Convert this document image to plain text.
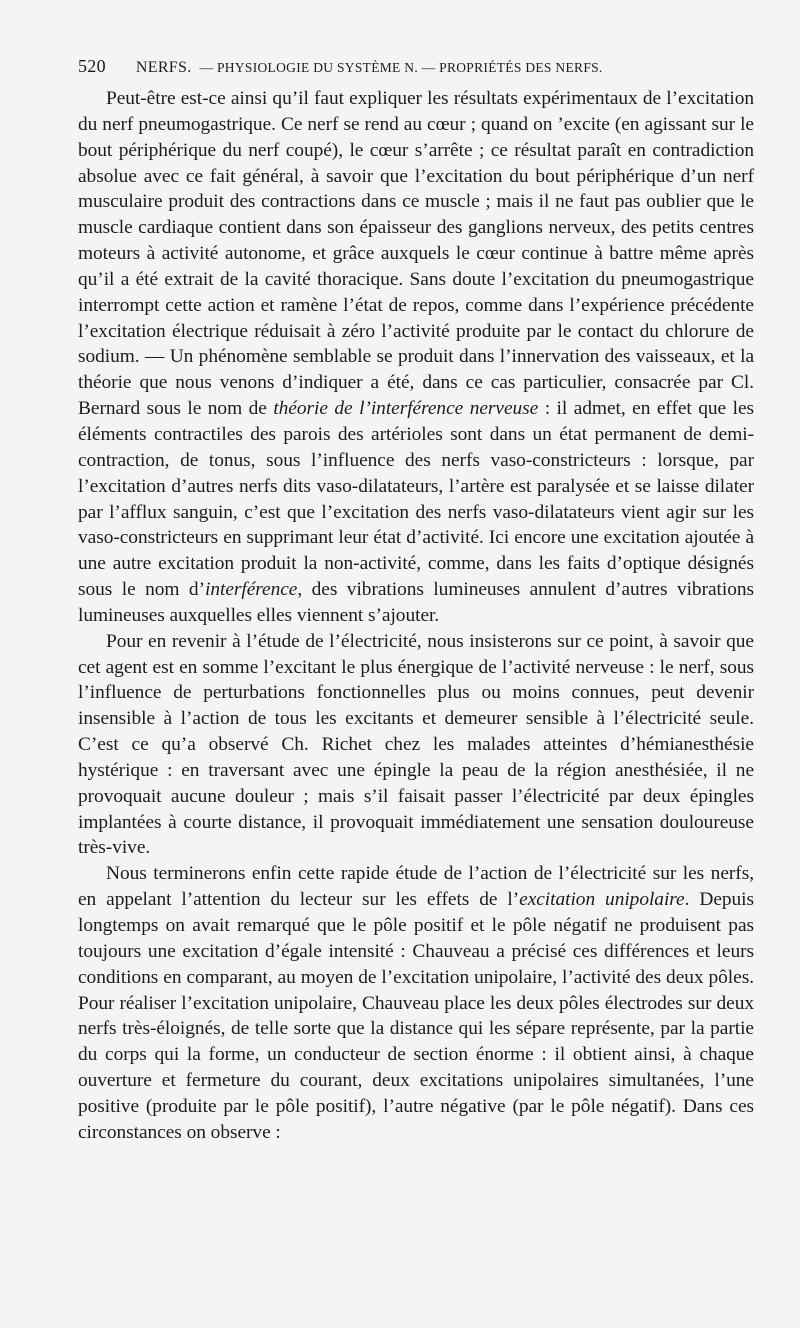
520 NERFS. — PHYSIOLOGIE DU SYSTÈME N. — PROPRIÉTÉS DES NERFS.

Peut-être est-ce ainsi qu’il faut expliquer les résultats expérimentaux de l’excitation du nerf pneumogastrique. Ce nerf se rend au cœur ; quand on ’excite (en agissant sur le bout périphérique du nerf coupé), le cœur s’arrête ; ce résultat paraît en contradiction absolue avec ce fait général, à savoir que l’excitation du bout périphérique d’un nerf musculaire produit des contractions dans ce muscle ; mais il ne faut pas oublier que le muscle cardiaque contient dans son épaisseur des ganglions nerveux, des petits centres moteurs à activité autonome, et grâce auxquels le cœur continue à battre même après qu’il a été extrait de la cavité thoracique. Sans doute l’excitation du pneumogastrique interrompt cette action et ramène l’état de repos, comme dans l’expérience précédente l’excitation électrique réduisait à zéro l’activité produite par le contact du chlorure de sodium. — Un phénomène semblable se produit dans l’innervation des vaisseaux, et la théorie que nous venons d’indiquer a été, dans ce cas particulier, consacrée par Cl. Bernard sous le nom de théorie de l’interférence nerveuse : il admet, en effet que les éléments contractiles des parois des artérioles sont dans un état permanent de demi-contraction, de tonus, sous l’influence des nerfs vaso-constricteurs : lorsque, par l’excitation d’autres nerfs dits vaso-dilatateurs, l’artère est paralysée et se laisse dilater par l’afflux sanguin, c’est que l’excitation des nerfs vaso-dilatateurs vient agir sur les vaso-constricteurs en supprimant leur état d’activité. Ici encore une excitation ajoutée à une autre excitation produit la non-activité, comme, dans les faits d’optique désignés sous le nom d’interférence, des vibrations lumineuses annulent d’autres vibrations lumineuses auxquelles elles viennent s’ajouter.

Pour en revenir à l’étude de l’électricité, nous insisterons sur ce point, à savoir que cet agent est en somme l’excitant le plus énergique de l’activité nerveuse : le nerf, sous l’influence de perturbations fonctionnelles plus ou moins connues, peut devenir insensible à l’action de tous les excitants et demeurer sensible à l’électricité seule. C’est ce qu’a observé Ch. Richet chez les malades atteintes d’hémianesthésie hystérique : en traversant avec une épingle la peau de la région anesthésiée, il ne provoquait aucune douleur ; mais s’il faisait passer l’électricité par deux épingles implantées à courte distance, il provoquait immédiatement une sensation douloureuse très-vive.

Nous terminerons enfin cette rapide étude de l’action de l’électricité sur les nerfs, en appelant l’attention du lecteur sur les effets de l’excitation unipolaire. Depuis longtemps on avait remarqué que le pôle positif et le pôle négatif ne produisent pas toujours une excitation d’égale intensité : Chauveau a précisé ces différences et leurs conditions en comparant, au moyen de l’excitation unipolaire, l’activité des deux pôles. Pour réaliser l’excitation unipolaire, Chauveau place les deux pôles électrodes sur deux nerfs très-éloignés, de telle sorte que la distance qui les sépare représente, par la partie du corps qui la forme, un conducteur de section énorme : il obtient ainsi, à chaque ouverture et fermeture du courant, deux excitations unipolaires simultanées, l’une positive (produite par le pôle positif), l’autre négative (par le pôle négatif). Dans ces circonstances on observe :
